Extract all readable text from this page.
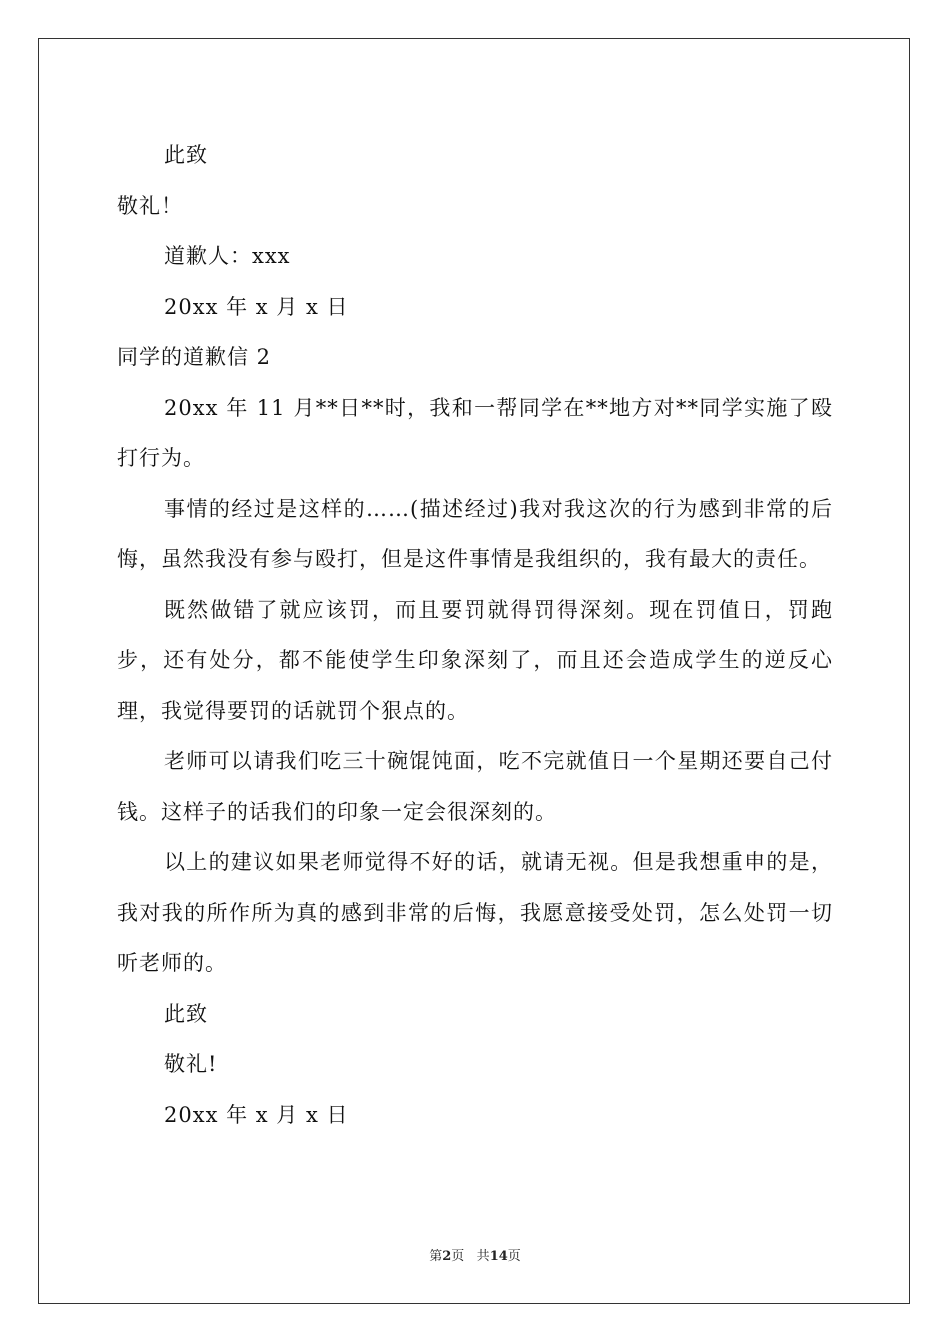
此致
敬礼！
道歉人：xxx
20xx 年 x 月 x 日
同学的道歉信 2
20xx 年 11 月**日**时，我和一帮同学在**地方对**同学实施了殴打行为。
事情的经过是这样的……(描述经过)我对我这次的行为感到非常的后悔，虽然我没有参与殴打，但是这件事情是我组织的，我有最大的责任。
既然做错了就应该罚，而且要罚就得罚得深刻。现在罚值日，罚跑步，还有处分，都不能使学生印象深刻了，而且还会造成学生的逆反心理，我觉得要罚的话就罚个狠点的。
老师可以请我们吃三十碗馄饨面，吃不完就值日一个星期还要自己付钱。这样子的话我们的印象一定会很深刻的。
以上的建议如果老师觉得不好的话，就请无视。但是我想重申的是，我对我的所作所为真的感到非常的后悔，我愿意接受处罚，怎么处罚一切听老师的。
此致
敬礼!
20xx 年 x 月 x 日
第2页 共14页
